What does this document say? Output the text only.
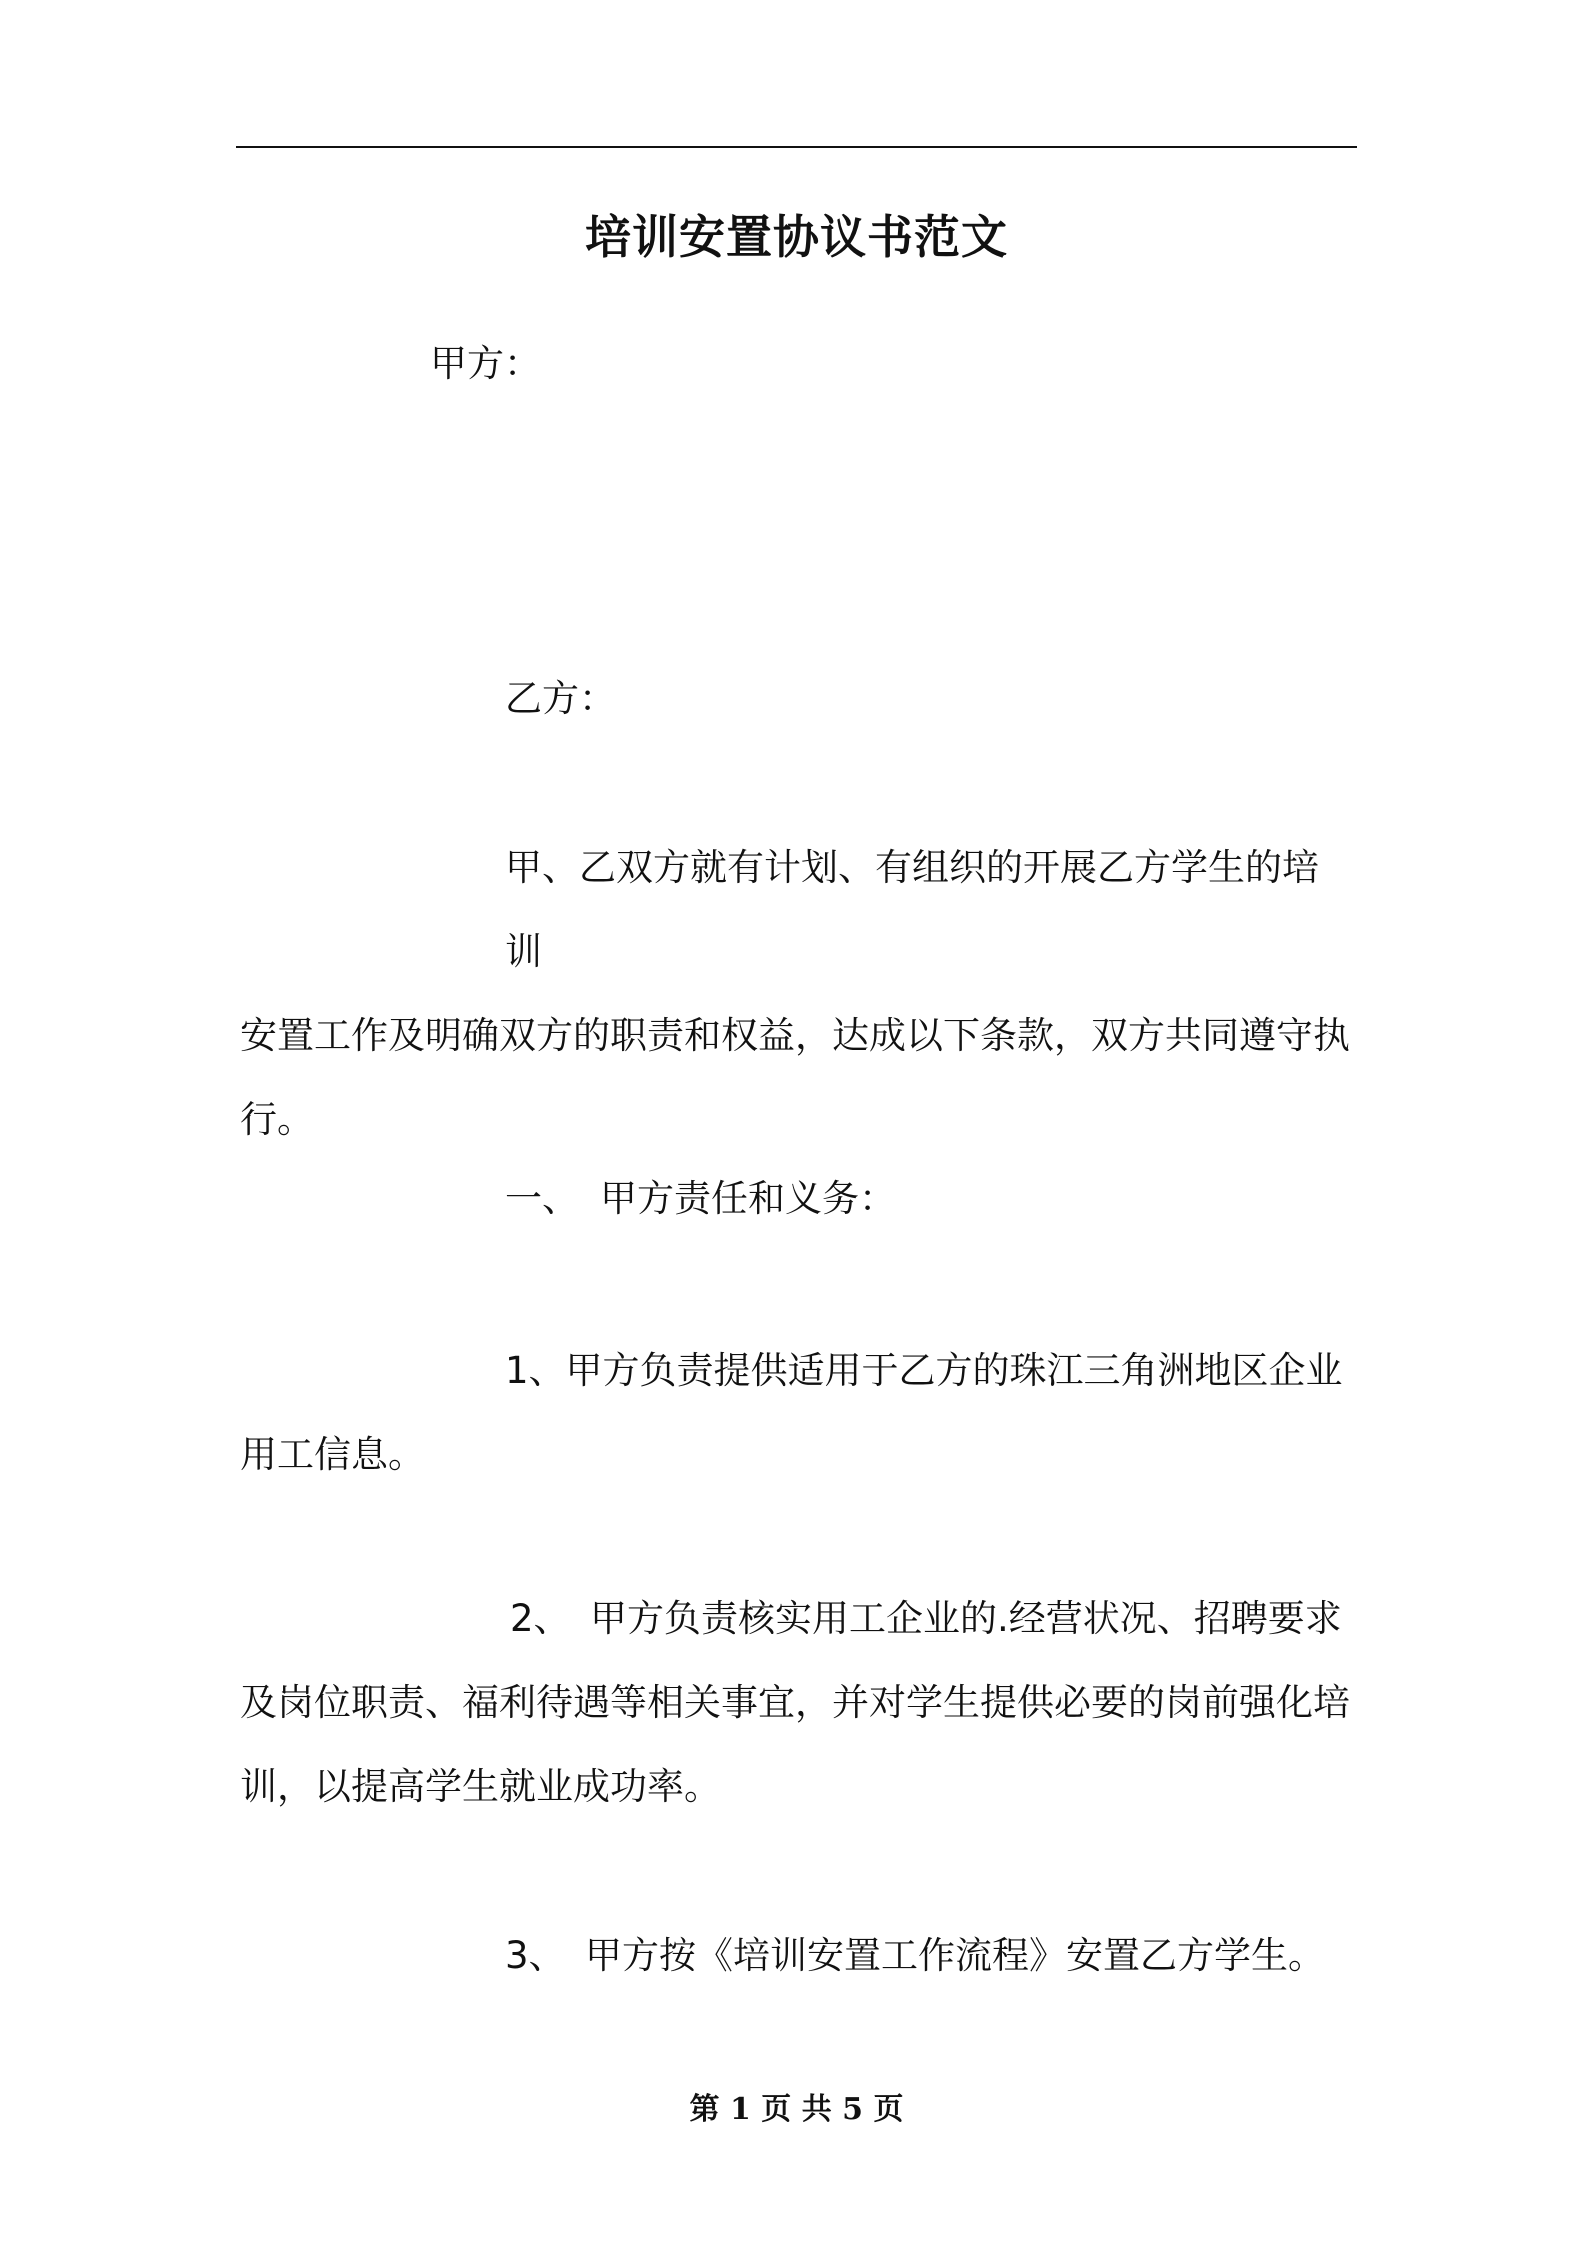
培训安置协议书范文
甲方：
乙方：
甲、乙双方就有计划、有组织的开展乙方学生的培训
安置工作及明确双方的职责和权益，达成以下条款，双方共同遵守执行。
一、 甲方责任和义务：
1、甲方负责提供适用于乙方的珠江三角洲地区企业
用工信息。
2、 甲方负责核实用工企业的.经营状况、招聘要求
及岗位职责、福利待遇等相关事宜，并对学生提供必要的岗前强化培训，以提高学生就业成功率。
3、 甲方按《培训安置工作流程》安置乙方学生。
第 1 页 共 5 页
